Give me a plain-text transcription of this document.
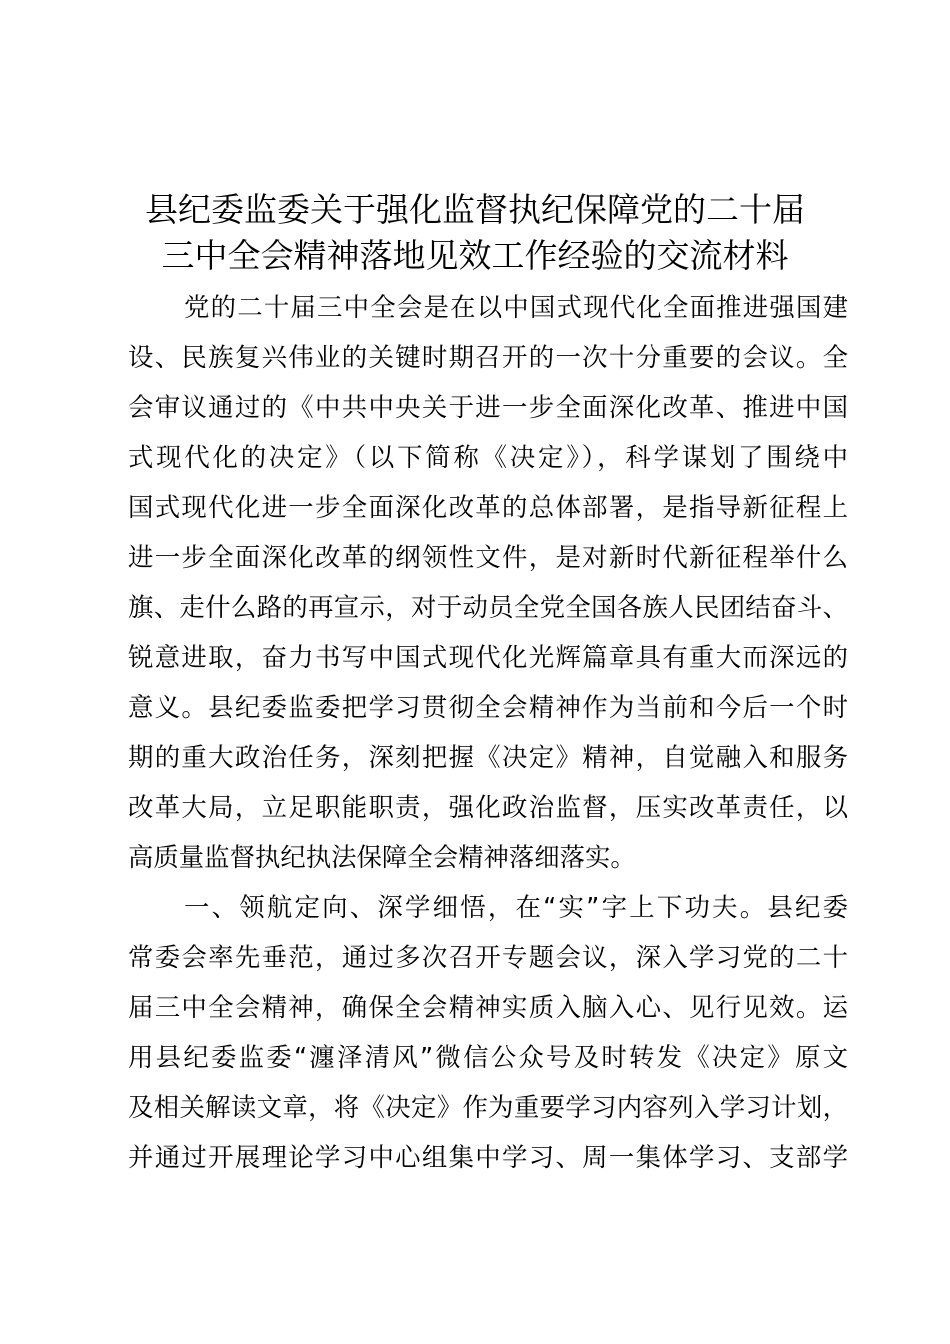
县纪委监委关于强化监督执纪保障党的二十届
三中全会精神落地见效工作经验的交流材料
党的二十届三中全会是在以中国式现代化全面推进强国建
设、民族复兴伟业的关键时期召开的一次十分重要的会议。全
会审议通过的《中共中央关于进一步全面深化改革、推进中国
式现代化的决定》（以下简称《决定》），科学谋划了围绕中
国式现代化进一步全面深化改革的总体部署，是指导新征程上
进一步全面深化改革的纲领性文件，是对新时代新征程举什么
旗、走什么路的再宣示，对于动员全党全国各族人民团结奋斗、
锐意进取，奋力书写中国式现代化光辉篇章具有重大而深远的
意义。县纪委监委把学习贯彻全会精神作为当前和今后一个时
期的重大政治任务，深刻把握《决定》精神，自觉融入和服务
改革大局，立足职能职责，强化政治监督，压实改革责任，以
高质量监督执纪执法保障全会精神落细落实。
一、领航定向、深学细悟，在“实”字上下功夫。县纪委
常委会率先垂范，通过多次召开专题会议，深入学习党的二十
届三中全会精神，确保全会精神实质入脑入心、见行见效。运
用县纪委监委“瀍泽清风”微信公众号及时转发《决定》原文
及相关解读文章，将《决定》作为重要学习内容列入学习计划，
并通过开展理论学习中心组集中学习、周一集体学习、支部学
